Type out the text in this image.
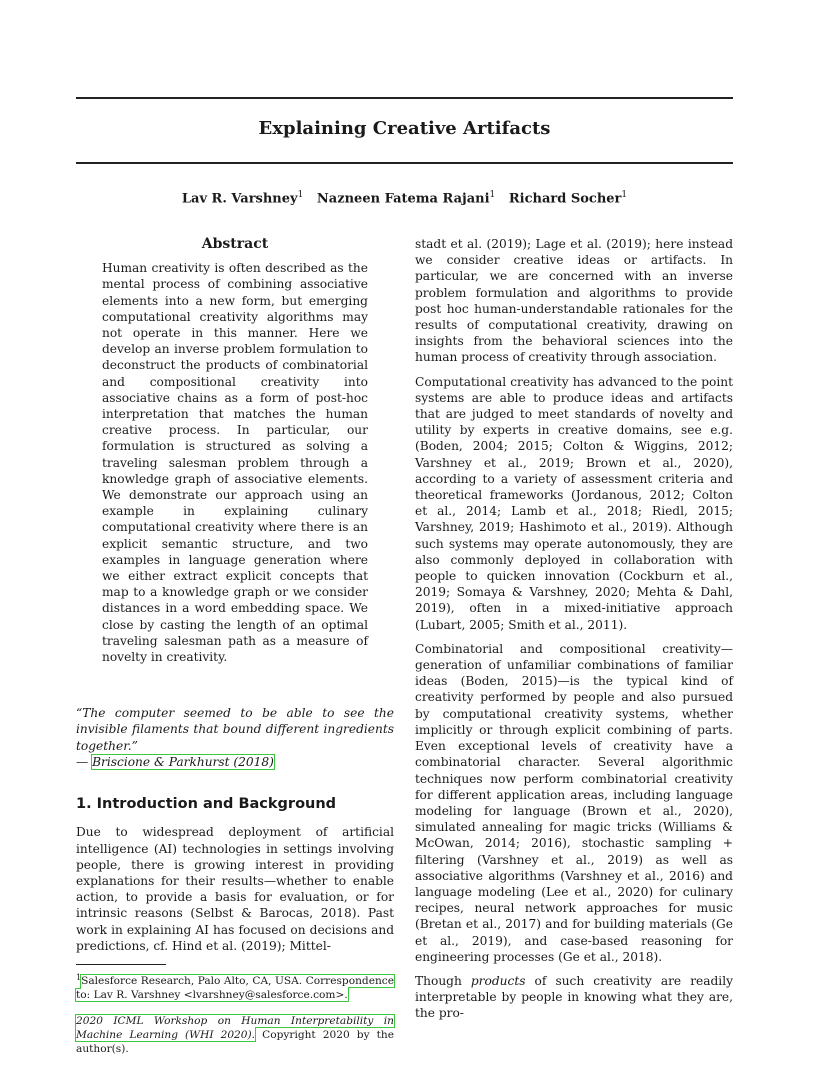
Explaining Creative Artifacts
Lav R. Varshney$^1$ Nazneen Fatema Rajani$^1$ Richard Socher$^1$
Abstract

Human creativity is often described as the mental process of combining associative elements into a new form, but emerging computational creativity algorithms may not operate in this manner. Here we develop an inverse problem formulation to deconstruct the products of combinatorial and compositional creativity into associative chains as a form of post-hoc interpretation that matches the human creative process. In particular, our formulation is structured as solving a traveling salesman problem through a knowledge graph of associative elements. We demonstrate our approach using an example in explaining culinary computational creativity where there is an explicit semantic structure, and two examples in language generation where we either extract explicit concepts that map to a knowledge graph or we consider distances in a word embedding space. We close by casting the length of an optimal traveling salesman path as a measure of novelty in creativity.

“The computer seemed to be able to see the invisible filaments that bound different ingredients together.”
— Briscione & Parkhurst (2018)

1. Introduction and Background

Due to widespread deployment of artificial intelligence (AI) technologies in settings involving people, there is growing interest in providing explanations for their results—whether to enable action, to provide a basis for evaluation, or for intrinsic reasons (Selbst & Barocas, 2018). Past work in explaining AI has focused on decisions and predictions, cf. Hind et al. (2019); Mittel-

$^1$Salesforce Research, Palo Alto, CA, USA. Correspondence to: Lav R. Varshney <lvarshney@salesforce.com>.

2020 ICML Workshop on Human Interpretability in Machine Learning (WHI 2020). Copyright 2020 by the author(s).

stadt et al. (2019); Lage et al. (2019); here instead we consider creative ideas or artifacts. In particular, we are concerned with an inverse problem formulation and algorithms to provide post hoc human-understandable rationales for the results of computational creativity, drawing on insights from the behavioral sciences into the human process of creativity through association.

Computational creativity has advanced to the point systems are able to produce ideas and artifacts that are judged to meet standards of novelty and utility by experts in creative domains, see e.g. (Boden, 2004; 2015; Colton & Wiggins, 2012; Varshney et al., 2019; Brown et al., 2020), according to a variety of assessment criteria and theoretical frameworks (Jordanous, 2012; Colton et al., 2014; Lamb et al., 2018; Riedl, 2015; Varshney, 2019; Hashimoto et al., 2019). Although such systems may operate autonomously, they are also commonly deployed in collaboration with people to quicken innovation (Cockburn et al., 2019; Somaya & Varshney, 2020; Mehta & Dahl, 2019), often in a mixed-initiative approach (Lubart, 2005; Smith et al., 2011).

Combinatorial and compositional creativity—generation of unfamiliar combinations of familiar ideas (Boden, 2015)—is the typical kind of creativity performed by people and also pursued by computational creativity systems, whether implicitly or through explicit combining of parts. Even exceptional levels of creativity have a combinatorial character. Several algorithmic techniques now perform combinatorial creativity for different application areas, including language modeling for language (Brown et al., 2020), simulated annealing for magic tricks (Williams & McOwan, 2014; 2016), stochastic sampling + filtering (Varshney et al., 2019) as well as associative algorithms (Varshney et al., 2016) and language modeling (Lee et al., 2020) for culinary recipes, neural network approaches for music (Bretan et al., 2017) and for building materials (Ge et al., 2019), and case-based reasoning for engineering processes (Ge et al., 2018).

Though products of such creativity are readily interpretable by people in knowing what they are, the pro-
